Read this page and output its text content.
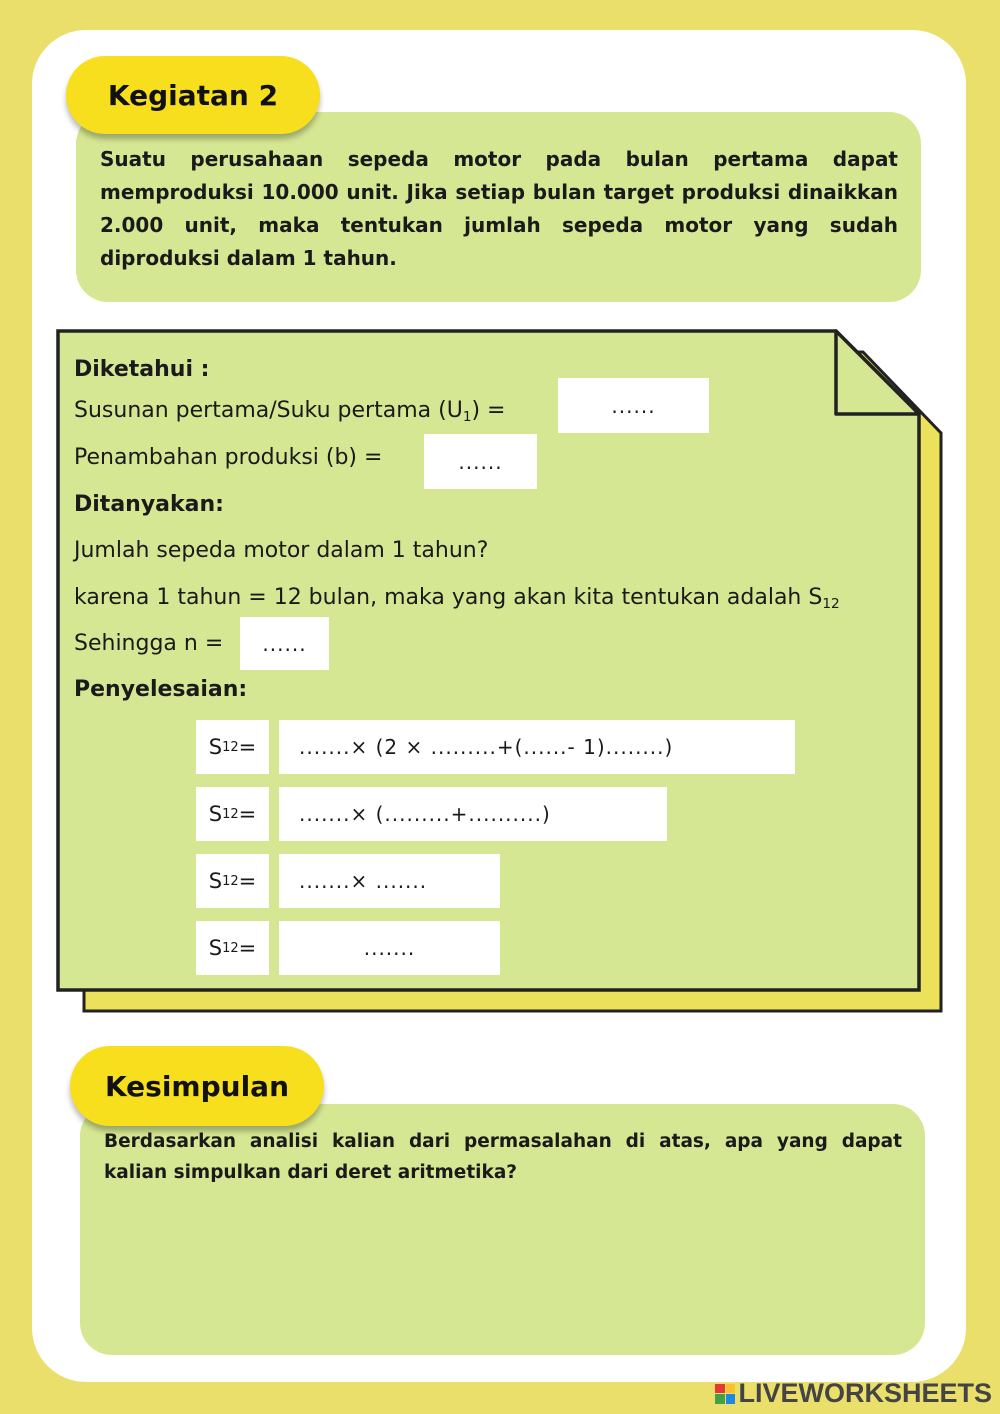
Kegiatan 2
Suatu perusahaan sepeda motor pada bulan pertama dapat memproduksi 10.000 unit. Jika setiap bulan target produksi dinaikkan 2.000 unit, maka tentukan jumlah sepeda motor yang sudah diproduksi dalam 1 tahun.
Diketahui :
Susunan pertama/Suku pertama $(U_1)$ =	......
Penambahan produksi (b) =	......
Ditanyakan:
Jumlah sepeda motor dalam 1 tahun?
karena 1 tahun = 12 bulan, maka yang akan kita tentukan adalah $S_{12}$
Sehingga n = ......
Penyelesaian:
S 12 = .......× (2 × .........+(......- 1)........)
S 12 = .......× (.........+..........)
S 12 = .......× .......
S 12 =	.......
Kesimpulan
Berdasarkan analisi kalian dari permasalahan di atas, apa yang dapat kalian simpulkan dari deret aritmetika?
LIVEWORKSHEETS
